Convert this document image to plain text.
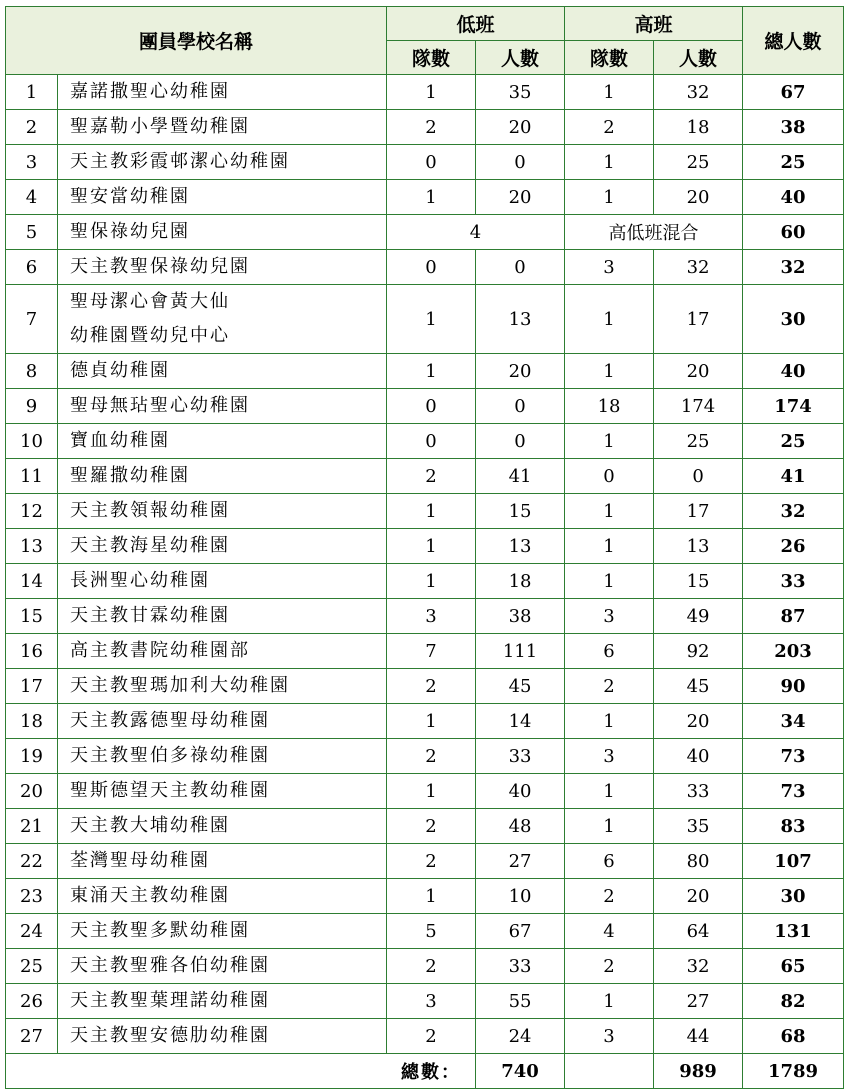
團員學校名稱		低班		高班		總人數
		隊數	人數	隊數	人數	
1	嘉諾撒聖心幼稚園	1	35	1	32	67
2	聖嘉勒小學暨幼稚園	2	20	2	18	38
3	天主教彩霞邨潔心幼稚園	0	0	1	25	25
4	聖安當幼稚園	1	20	1	20	40
5	聖保祿幼兒園	4		高低班混合		60
6	天主教聖保祿幼兒園	0	0	3	32	32
7	聖母潔心會黃大仙
幼稚園暨幼兒中心	1	13	1	17	30
8	德貞幼稚園	1	20	1	20	40
9	聖母無玷聖心幼稚園	0	0	18	174	174
10	寶血幼稚園	0	0	1	25	25
11	聖羅撒幼稚園	2	41	0	0	41
12	天主教領報幼稚園	1	15	1	17	32
13	天主教海星幼稚園	1	13	1	13	26
14	長洲聖心幼稚園	1	18	1	15	33
15	天主教甘霖幼稚園	3	38	3	49	87
16	高主教書院幼稚園部	7	111	6	92	203
17	天主教聖瑪加利大幼稚園	2	45	2	45	90
18	天主教露德聖母幼稚園	1	14	1	20	34
19	天主教聖伯多祿幼稚園	2	33	3	40	73
20	聖斯德望天主教幼稚園	1	40	1	33	73
21	天主教大埔幼稚園	2	48	1	35	83
22	荃灣聖母幼稚園	2	27	6	80	107
23	東涌天主教幼稚園	1	10	2	20	30
24	天主教聖多默幼稚園	5	67	4	64	131
25	天主教聖雅各伯幼稚園	2	33	2	32	65
26	天主教聖葉理諾幼稚園	3	55	1	27	82
27	天主教聖安德肋幼稚園	2	24	3	44	68
總數：			740		989	1789
